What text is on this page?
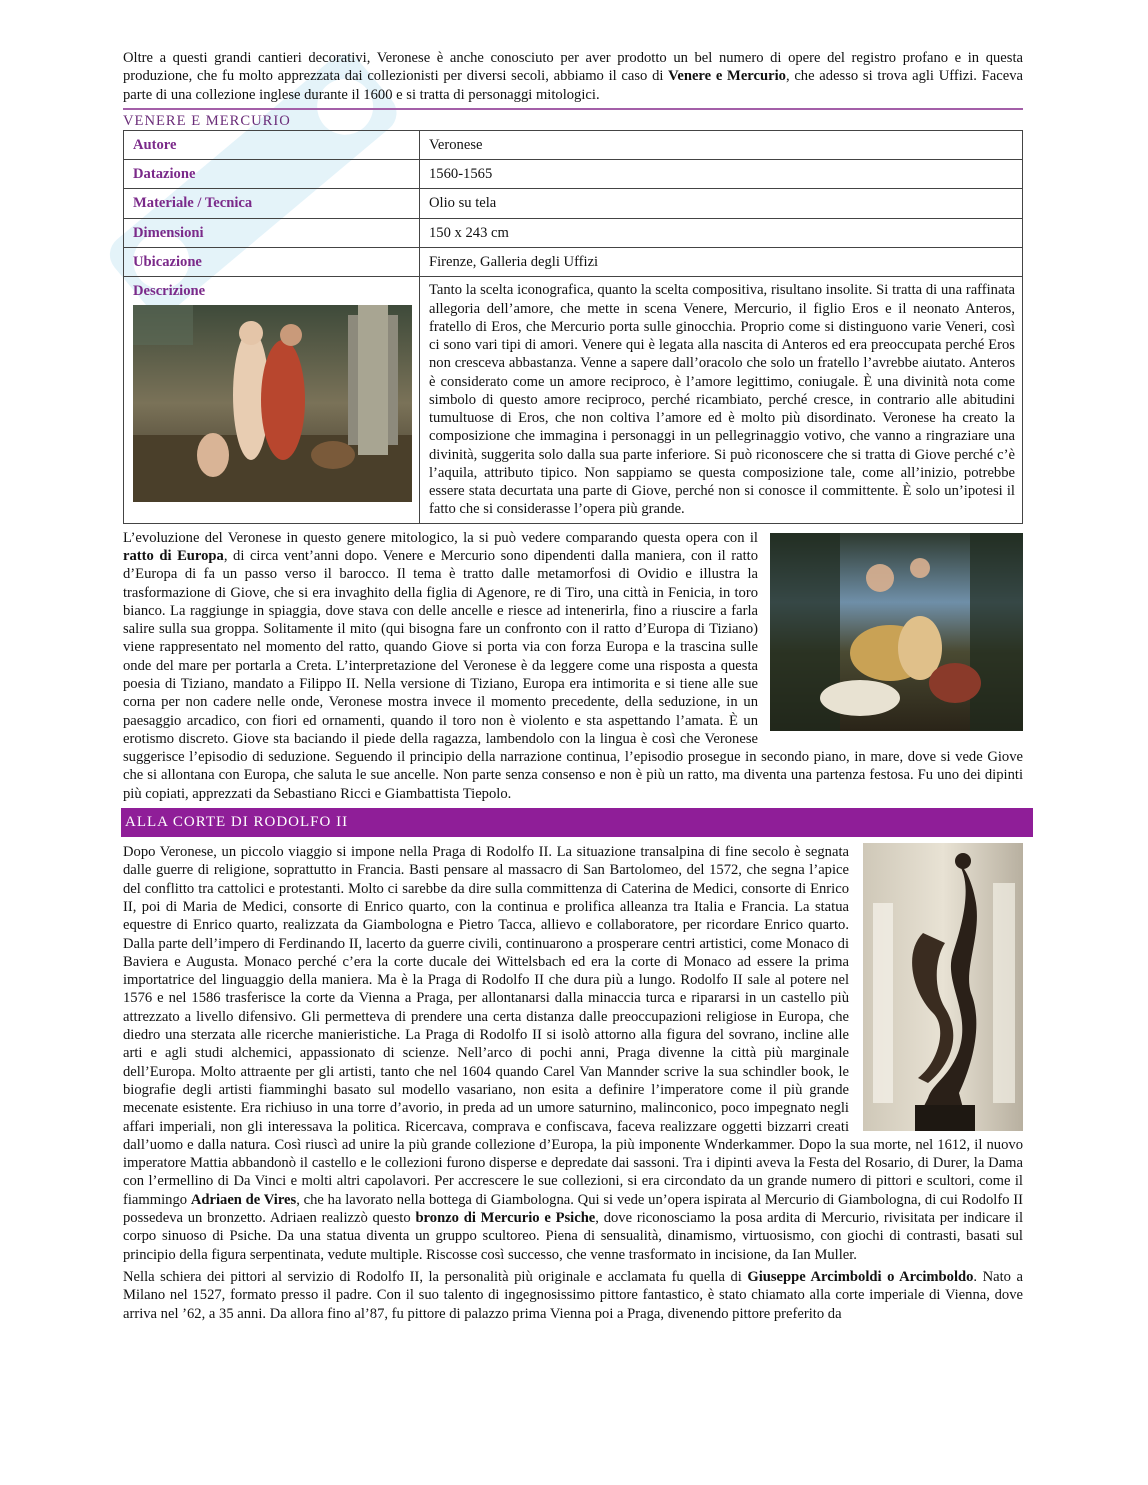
Oltre a questi grandi cantieri decorativi, Veronese è anche conosciuto per aver prodotto un bel numero di opere del registro profano e in questa produzione, che fu molto apprezzata dai collezionisti per diversi secoli, abbiamo il caso di Venere e Mercurio, che adesso si trova agli Uffizi. Faceva parte di una collezione inglese durante il 1600 e si tratta di personaggi mitologici.

VENERE E MERCURIO
Autore	Veronese
Datazione	1560-1565
Materiale / Tecnica	Olio su tela
Dimensioni	150 x 243 cm
Ubicazione	Firenze, Galleria degli Uffizi

Descrizione	Tanto la scelta iconografica, quanto la scelta compositiva, risultano insolite. Si tratta di una raffinata allegoria dell’amore, che mette in scena Venere, Mercurio, il figlio Eros e il neonato Anteros, fratello di Eros, che Mercurio porta sulle ginocchia. Proprio come si distinguono varie Veneri, così ci sono vari tipi di amori. Venere qui è legata alla nascita di Anteros ed era preoccupata perché Eros non cresceva abbastanza. Venne a sapere dall’oracolo che solo un fratello l’avrebbe aiutato. Anteros è considerato come un amore reciproco, è l’amore legittimo, coniugale. È una divinità nota come simbolo di questo amore reciproco, perché ricambiato, perché cresce, in contrario alle abitudini tumultuose di Eros, che non coltiva l’amore ed è molto più disordinato. Veronese ha creato la composizione che immagina i personaggi in un pellegrinaggio votivo, che vanno a ringraziare una divinità, suggerita solo dalla sua parte inferiore. Si può riconoscere che si tratta di Giove perché c’è l’aquila, attributo tipico. Non sappiamo se questa composizione tale, come all’inizio, potrebbe essere stata decurtata una parte di Giove, perché non si conosce il committente. È solo un’ipotesi il fatto che si considerasse l’opera più grande.

L’evoluzione del Veronese in questo genere mitologico, la si può vedere comparando questa opera con il ratto di Europa, di circa vent’anni dopo. Venere e Mercurio sono dipendenti dalla maniera, con il ratto d’Europa di fa un passo verso il barocco. Il tema è tratto dalle metamorfosi di Ovidio e illustra la trasformazione di Giove, che si era invaghito della figlia di Agenore, re di Tiro, una città in Fenicia, in toro bianco. La raggiunge in spiaggia, dove stava con delle ancelle e riesce ad intenerirla, fino a riuscire a farla salire sulla sua groppa. Solitamente il mito (qui bisogna fare un confronto con il ratto d’Europa di Tiziano) viene rappresentato nel momento del ratto, quando Giove si porta via con forza Europa e la trascina sulle onde del mare per portarla a Creta. L’interpretazione del Veronese è da leggere come una risposta a questa poesia di Tiziano, mandato a Filippo II. Nella versione di Tiziano, Europa era intimorita e si tiene alle sue corna per non cadere nelle onde, Veronese mostra invece il momento precedente, della seduzione, in un paesaggio arcadico, con fiori ed ornamenti, quando il toro non è violento e sta aspettando l’amata. È un erotismo discreto. Giove sta baciando il piede della ragazza, lambendolo con la lingua è così che Veronese suggerisce l’episodio di seduzione. Seguendo il principio della narrazione continua, l’episodio prosegue in secondo piano, in mare, dove si vede Giove che si allontana con Europa, che saluta le sue ancelle. Non parte senza consenso e non è più un ratto, ma diventa una partenza festosa. Fu uno dei dipinti più copiati, apprezzati da Sebastiano Ricci e Giambattista Tiepolo.

ALLA CORTE DI RODOLFO II

Dopo Veronese, un piccolo viaggio si impone nella Praga di Rodolfo II. La situazione transalpina di fine secolo è segnata dalle guerre di religione, soprattutto in Francia. Basti pensare al massacro di San Bartolomeo, del 1572, che segna l’apice del conflitto tra cattolici e protestanti. Molto ci sarebbe da dire sulla committenza di Caterina de Medici, consorte di Enrico II, poi di Maria de Medici, consorte di Enrico quarto, con la continua e prolifica alleanza tra Italia e Francia. La statua equestre di Enrico quarto, realizzata da Giambologna e Pietro Tacca, allievo e collaboratore, per ricordare Enrico quarto. Dalla parte dell’impero di Ferdinando II, lacerto da guerre civili, continuarono a prosperare centri artistici, come Monaco di Baviera e Augusta. Monaco perché c’era la corte ducale dei Wittelsbach ed era la corte di Monaco ad essere la prima importatrice del linguaggio della maniera. Ma è la Praga di Rodolfo II che dura più a lungo. Rodolfo II sale al potere nel 1576 e nel 1586 trasferisce la corte da Vienna a Praga, per allontanarsi dalla minaccia turca e ripararsi in un castello più attrezzato a livello difensivo. Gli permetteva di prendere una certa distanza dalle preoccupazioni religiose in Europa, che diedro una sterzata alle ricerche manieristiche. La Praga di Rodolfo II si isolò attorno alla figura del sovrano, incline alle arti e agli studi alchemici, appassionato di scienze. Nell’arco di pochi anni, Praga divenne la città più marginale dell’Europa. Molto attraente per gli artisti, tanto che nel 1604 quando Carel Van Mannder scrive la sua schindler book, le biografie degli artisti fiamminghi basato sul modello vasariano, non esita a definire l’imperatore come il più grande mecenate esistente. Era richiuso in una torre d’avorio, in preda ad un umore saturnino, malinconico, poco impegnato negli affari imperiali, non gli interessava la politica. Ricercava, comprava e confiscava, faceva realizzare oggetti bizzarri creati dall’uomo e dalla natura. Così riuscì ad unire la più grande collezione d’Europa, la più imponente Wnderkammer. Dopo la sua morte, nel 1612, il nuovo imperatore Mattia abbandonò il castello e le collezioni furono disperse e depredate dai sassoni. Tra i dipinti aveva la Festa del Rosario, di Durer, la Dama con l’ermellino di Da Vinci e molti altri capolavori. Per accrescere le sue collezioni, si era circondato da un grande numero di pittori e scultori, come il fiammingo Adriaen de Vires, che ha lavorato nella bottega di Giambologna. Qui si vede un’opera ispirata al Mercurio di Giambologna, di cui Rodolfo II possedeva un bronzetto. Adriaen realizzò questo bronzo di Mercurio e Psiche, dove riconosciamo la posa ardita di Mercurio, rivisitata per indicare il corpo sinuoso di Psiche. Da una statua diventa un gruppo scultoreo. Piena di sensualità, dinamismo, virtuosismo, con giochi di contrasti, basati sul principio della figura serpentinata, vedute multiple. Riscosse così successo, che venne trasformato in incisione, da Ian Muller.

Nella schiera dei pittori al servizio di Rodolfo II, la personalità più originale e acclamata fu quella di Giuseppe Arcimboldi o Arcimboldo. Nato a Milano nel 1527, formato presso il padre. Con il suo talento di ingegnosissimo pittore fantastico, è stato chiamato alla corte imperiale di Vienna, dove arriva nel ’62, a 35 anni. Da allora fino al’87, fu pittore di palazzo prima Vienna poi a Praga, divenendo pittore preferito da
